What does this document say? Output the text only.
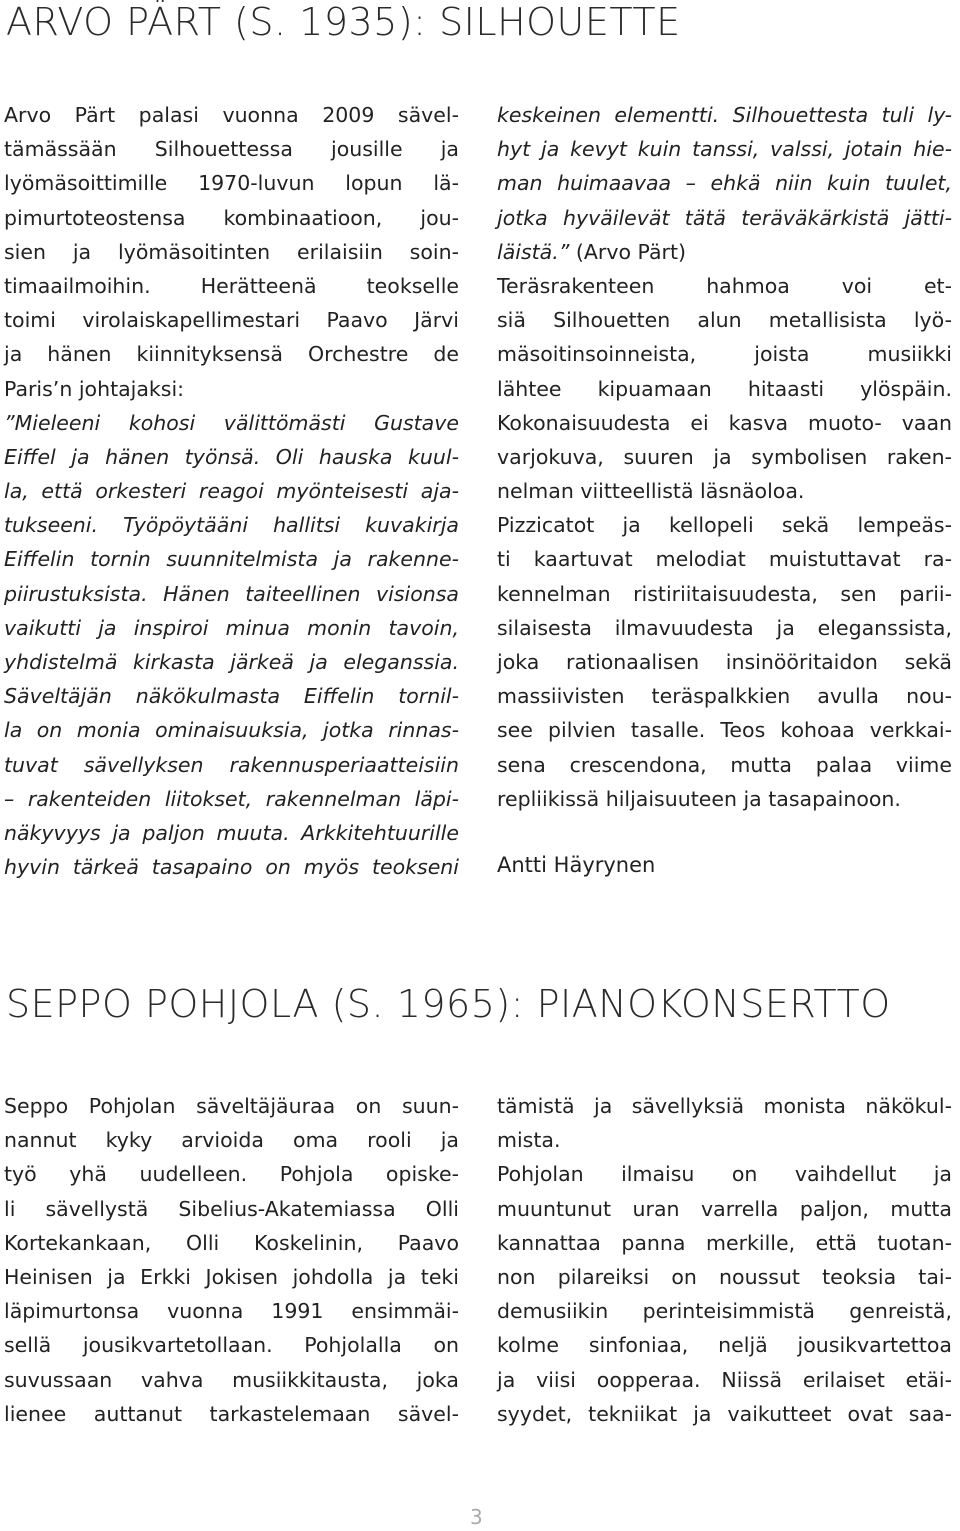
ARVO PÄRT (S. 1935): SILHOUETTE
Arvo Pärt palasi vuonna 2009 sävel-
tämässään Silhouettessa jousille ja
lyömäsoittimille 1970-luvun lopun lä-
pimurtoteostensa kombinaatioon, jou-
sien ja lyömäsoitinten erilaisiin soin-
timaailmoihin. Herätteenä teokselle
toimi virolaiskapellimestari Paavo Järvi
ja hänen kiinnityksensä Orchestre de
Paris’n johtajaksi:
”Mieleeni kohosi välittömästi Gustave
Eiffel ja hänen työnsä. Oli hauska kuul-
la, että orkesteri reagoi myönteisesti aja-
tukseeni. Työpöytääni hallitsi kuvakirja
Eiffelin tornin suunnitelmista ja rakenne-
piirustuksista. Hänen taiteellinen visionsa
vaikutti ja inspiroi minua monin tavoin,
yhdistelmä kirkasta järkeä ja eleganssia.
Säveltäjän näkökulmasta Eiffelin tornil-
la on monia ominaisuuksia, jotka rinnas-
tuvat sävellyksen rakennusperiaatteisiin
– rakenteiden liitokset, rakennelman läpi-
näkyvyys ja paljon muuta. Arkkitehtuurille
hyvin tärkeä tasapaino on myös teokseni
keskeinen elementti. Silhouettesta tuli ly-
hyt ja kevyt kuin tanssi, valssi, jotain hie-
man huimaavaa – ehkä niin kuin tuulet,
jotka hyväilevät tätä teräväkärkistä jätti-
läistä.” (Arvo Pärt)
Teräsrakenteen hahmoa voi et-
siä Silhouetten alun metallisista lyö-
mäsoitinsoinneista, joista musiikki
lähtee kipuamaan hitaasti ylöspäin.
Kokonaisuudesta ei kasva muoto- vaan
varjokuva, suuren ja symbolisen raken-
nelman viitteellistä läsnäoloa.
Pizzicatot ja kellopeli sekä lempeäs-
ti kaartuvat melodiat muistuttavat ra-
kennelman ristiriitaisuudesta, sen parii-
silaisesta ilmavuudesta ja eleganssista,
joka rationaalisen insinööritaidon sekä
massiivisten teräspalkkien avulla nou-
see pilvien tasalle. Teos kohoaa verkkai-
sena crescendona, mutta palaa viime
repliikissä hiljaisuuteen ja tasapainoon.
Antti Häyrynen
SEPPO POHJOLA (S. 1965): PIANOKONSERTTO
Seppo Pohjolan säveltäjäuraa on suun-
nannut kyky arvioida oma rooli ja
työ yhä uudelleen. Pohjola opiske-
li sävellystä Sibelius-Akatemiassa Olli
Kortekankaan, Olli Koskelinin, Paavo
Heinisen ja Erkki Jokisen johdolla ja teki
läpimurtonsa vuonna 1991 ensimmäi-
sellä jousikvartetollaan. Pohjolalla on
suvussaan vahva musiikkitausta, joka
lienee auttanut tarkastelemaan sävel-
tämistä ja sävellyksiä monista näkökul-
mista.
Pohjolan ilmaisu on vaihdellut ja
muuntunut uran varrella paljon, mutta
kannattaa panna merkille, että tuotan-
non pilareiksi on noussut teoksia tai-
demusiikin perinteisimmistä genreistä,
kolme sinfoniaa, neljä jousikvartettoa
ja viisi oopperaa. Niissä erilaiset etäi-
syydet, tekniikat ja vaikutteet ovat saa-
3
